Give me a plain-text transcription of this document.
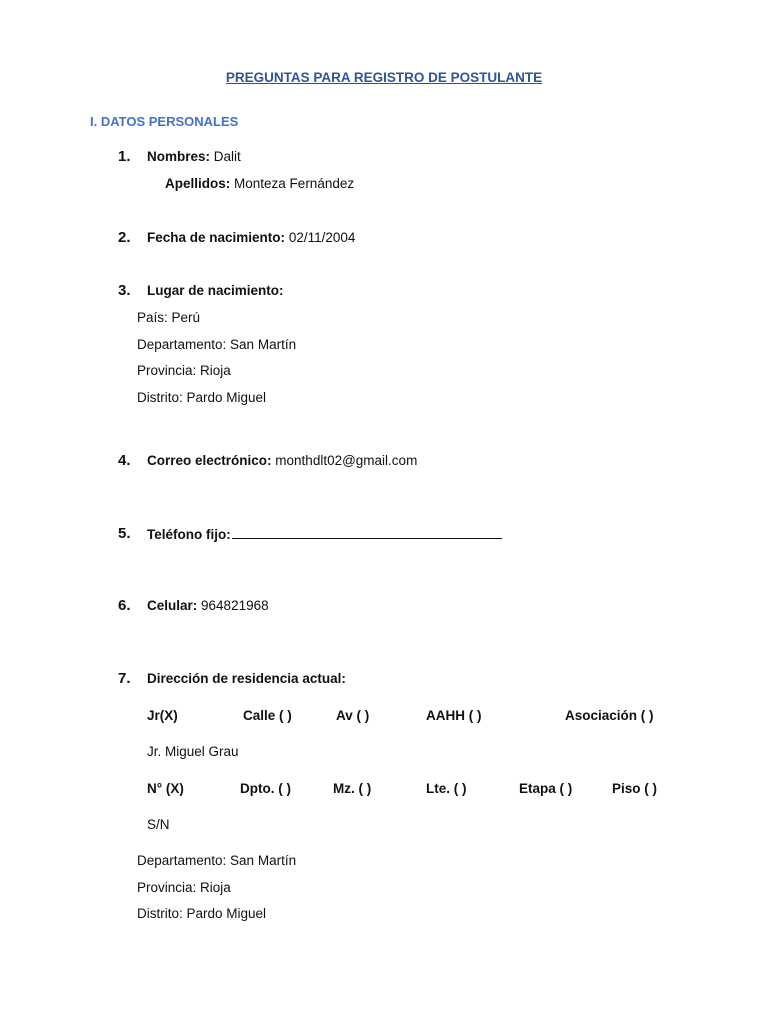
PREGUNTAS PARA REGISTRO DE POSTULANTE
I. DATOS PERSONALES
1. Nombres: Dalit
Apellidos: Monteza Fernández
2. Fecha de nacimiento: 02/11/2004
3. Lugar de nacimiento:
País: Perú
Departamento: San Martín
Provincia: Rioja
Distrito: Pardo Miguel
4. Correo electrónico: monthdlt02@gmail.com
5. Teléfono fijo:
6. Celular: 964821968
7. Dirección de residencia actual:
Jr(X)	Calle ( )	Av ( )	AAHH ( )	Asociación ( )
Jr. Miguel Grau
N° (X)	Dpto. ( )	Mz. ( )	Lte. ( )	Etapa ( )	Piso ( )
S/N
Departamento: San Martín
Provincia: Rioja
Distrito: Pardo Miguel
